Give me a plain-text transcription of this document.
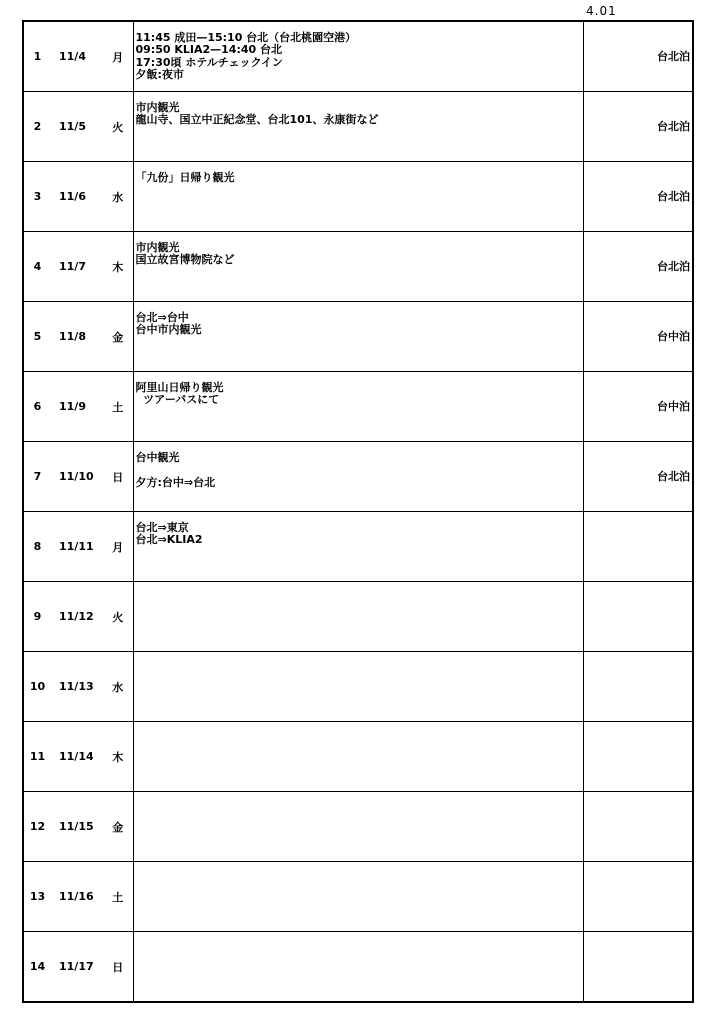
4.01
1	11/4	月	11:45 成田—15:10 台北（台北桃園空港）
09:50 KLIA2—14:40 台北
17:30頃 ホテルチェックイン
夕飯:夜市	台北泊
2	11/5	火	市内観光
龍山寺、国立中正紀念堂、台北101、永康街など	台北泊
3	11/6	水	「九份」日帰り観光	台北泊
4	11/7	木	市内観光
国立故宮博物院など	台北泊
5	11/8	金	台北⇒台中
台中市内観光	台中泊
6	11/9	土	阿里山日帰り観光
ツアーバスにて	台中泊
7	11/10	日	台中観光

夕方:台中⇒台北	台北泊
8	11/11	月	台北⇒東京
台北⇒KLIA2	

9	11/12	火	

10	11/13	水	

11	11/14	木	

12	11/15	金	

13	11/16	土	

14	11/17	日	
